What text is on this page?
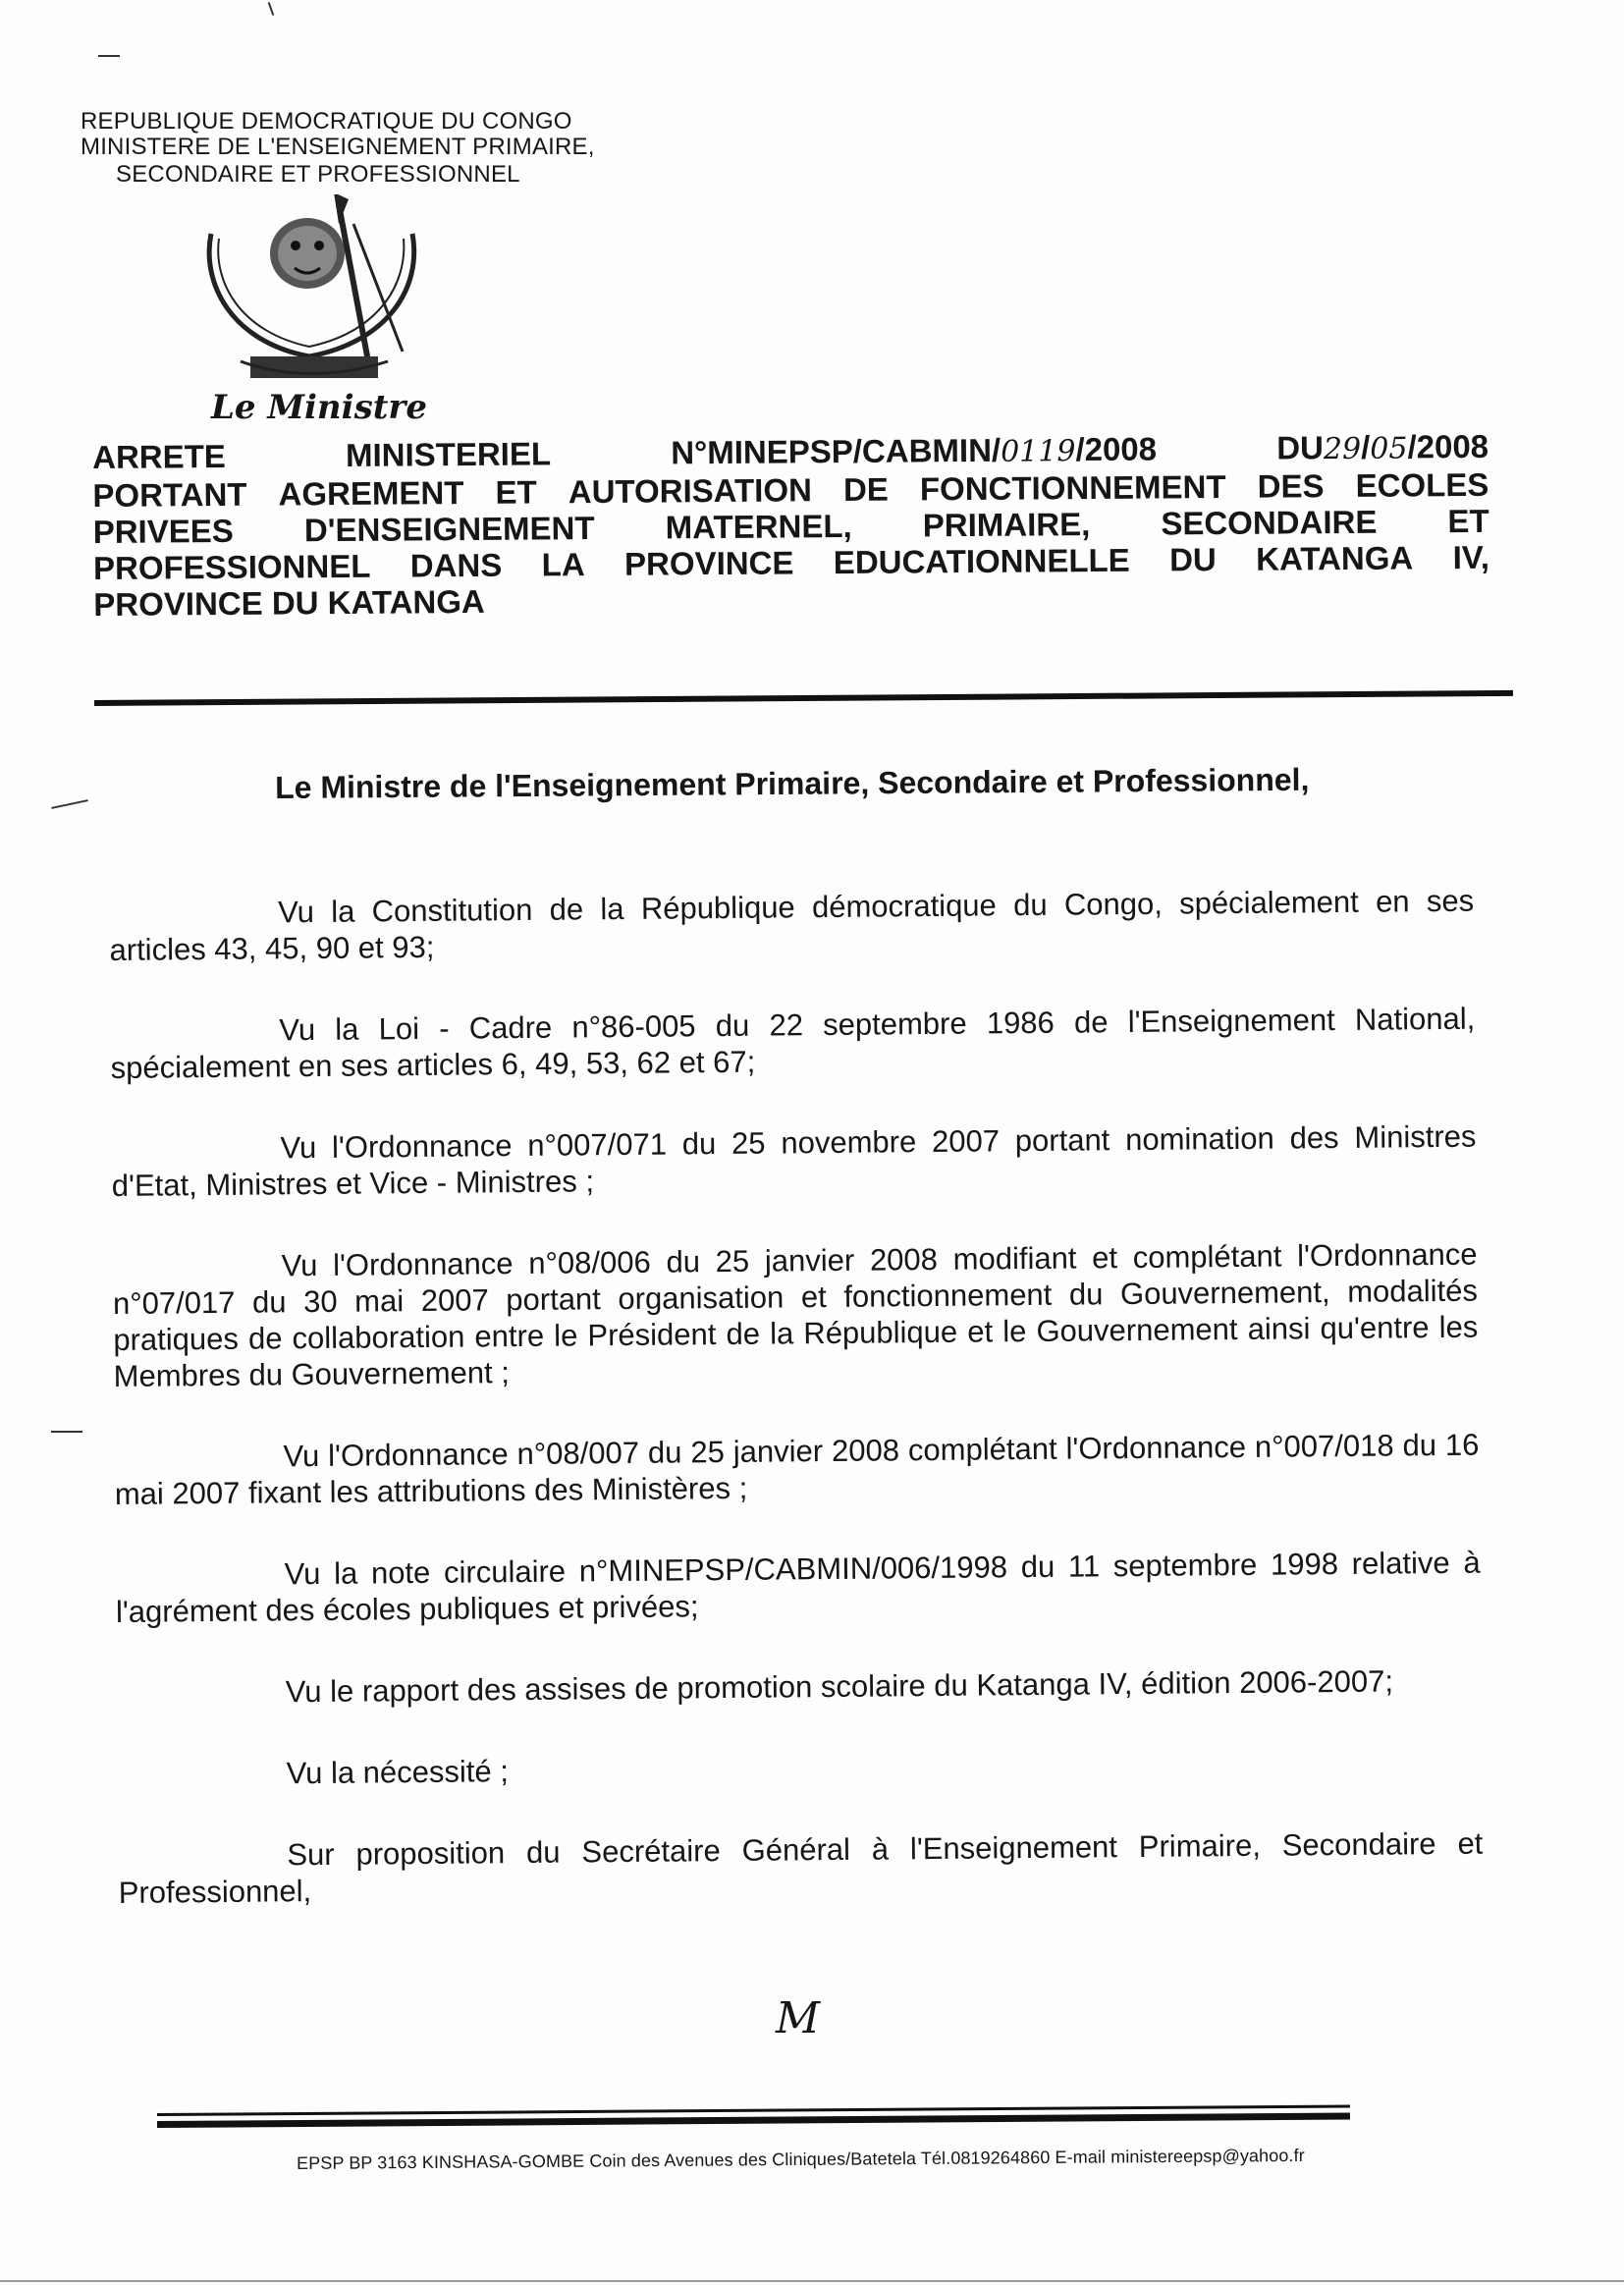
REPUBLIQUE DEMOCRATIQUE DU CONGO
MINISTERE DE L'ENSEIGNEMENT PRIMAIRE,
SECONDAIRE ET PROFESSIONNEL
Le Ministre
ARRETE	MINISTERIEL	N°MINEPSP/CABMIN/0119/2008	DU29/05/2008
PORTANT AGREMENT ET AUTORISATION DE FONCTIONNEMENT DES ECOLES
PRIVEES D'ENSEIGNEMENT MATERNEL, PRIMAIRE, SECONDAIRE ET
PROFESSIONNEL DANS LA PROVINCE EDUCATIONNELLE DU KATANGA IV,
PROVINCE DU KATANGA
Le Ministre de l'Enseignement Primaire, Secondaire et Professionnel,

Vu la Constitution de la République démocratique du Congo, spécialement en ses articles 43, 45, 90 et 93;

Vu la Loi - Cadre n°86-005 du 22 septembre 1986 de l'Enseignement National, spécialement en ses articles 6, 49, 53, 62 et 67;

Vu l'Ordonnance n°007/071 du 25 novembre 2007 portant nomination des Ministres d'Etat, Ministres et Vice - Ministres ;

Vu l'Ordonnance n°08/006 du 25 janvier 2008 modifiant et complétant l'Ordonnance n°07/017 du 30 mai 2007 portant organisation et fonctionnement du Gouvernement, modalités pratiques de collaboration entre le Président de la République et le Gouvernement ainsi qu'entre les Membres du Gouvernement ;

Vu l'Ordonnance n°08/007 du 25 janvier 2008 complétant l'Ordonnance n°007/018 du 16 mai 2007 fixant les attributions des Ministères ;

Vu la note circulaire n°MINEPSP/CABMIN/006/1998 du 11 septembre 1998 relative à l'agrément des écoles publiques et privées;

Vu le rapport des assises de promotion scolaire du Katanga IV, édition 2006-2007;

Vu la nécessité ;

Sur proposition du Secrétaire Général à l'Enseignement Primaire, Secondaire et Professionnel,

M
EPSP BP 3163 KINSHASA-GOMBE Coin des Avenues des Cliniques/Batetela Tél.0819264860 E-mail ministereepsp@yahoo.fr
